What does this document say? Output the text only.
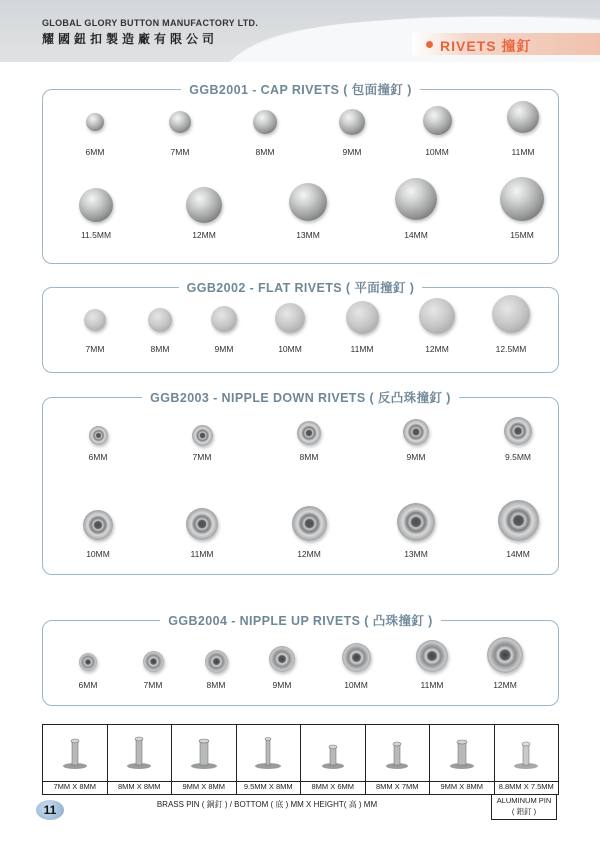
GLOBAL GLORY BUTTON MANUFACTORY LTD.
耀國鈕扣製造廠有限公司	RIVETS 撞釘
GGB2001 - CAP RIVETS ( 包面撞釘 )
6MM	7MM	8MM	9MM	10MM	11MM
11.5MM	12MM	13MM	14MM	15MM
GGB2002 - FLAT RIVETS ( 平面撞釘 )
7MM	8MM	9MM	10MM	11MM	12MM	12.5MM
GGB2003 - NIPPLE DOWN RIVETS ( 反凸珠撞釘 )
6MM	7MM	8MM	9MM	9.5MM
10MM	11MM	12MM	13MM	14MM
GGB2004 - NIPPLE UP RIVETS ( 凸珠撞釘 )
6MM	7MM	8MM	9MM	10MM	11MM	12MM
7MM X 8MM	8MM X 8MM	9MM X 8MM	9.5MM X 8MM	8MM X 6MM	8MM X 7MM	9MM X 8MM	8.8MM X 7.5MM
BRASS PIN ( 銅釘 ) / BOTTOM ( 底 ) MM X HEIGHT( 高 ) MM	ALUMINUM PIN
( 鋁釘 )
11
